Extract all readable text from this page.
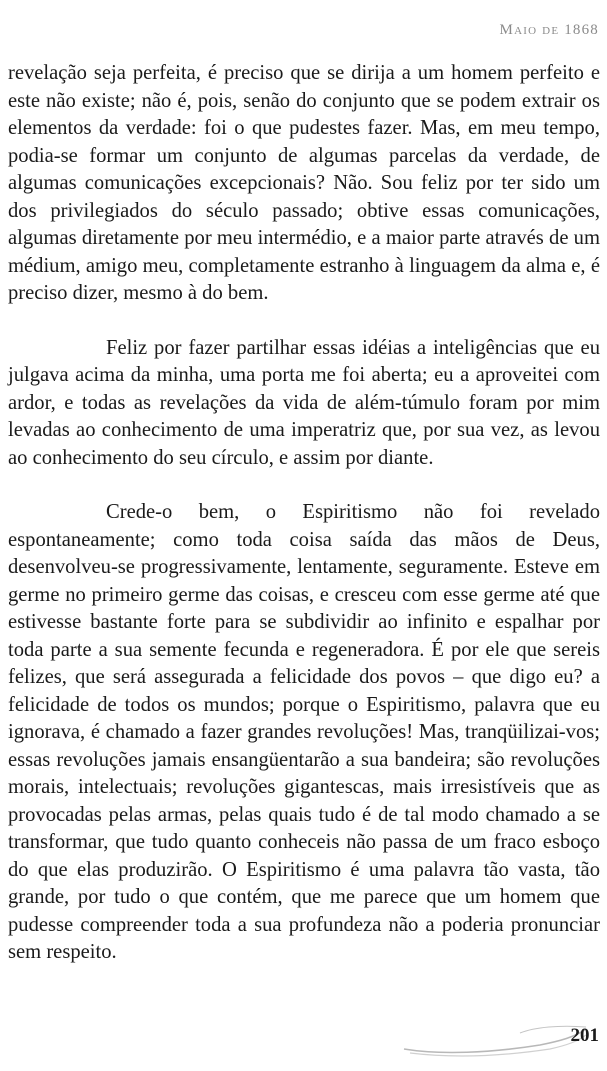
Maio de 1868

revelação seja perfeita, é preciso que se dirija a um homem perfeito e este não existe; não é, pois, senão do conjunto que se podem extrair os elementos da verdade: foi o que pudestes fazer. Mas, em meu tempo, podia-se formar um conjunto de algumas parcelas da verdade, de algumas comunicações excepcionais? Não. Sou feliz por ter sido um dos privilegiados do século passado; obtive essas comunicações, algumas diretamente por meu intermédio, e a maior parte através de um médium, amigo meu, completamente estranho à linguagem da alma e, é preciso dizer, mesmo à do bem.

Feliz por fazer partilhar essas idéias a inteligências que eu julgava acima da minha, uma porta me foi aberta; eu a aproveitei com ardor, e todas as revelações da vida de além-túmulo foram por mim levadas ao conhecimento de uma imperatriz que, por sua vez, as levou ao conhecimento do seu círculo, e assim por diante.

Crede-o bem, o Espiritismo não foi revelado espontaneamente; como toda coisa saída das mãos de Deus, desenvolveu-se progressivamente, lentamente, seguramente. Esteve em germe no primeiro germe das coisas, e cresceu com esse germe até que estivesse bastante forte para se subdividir ao infinito e espalhar por toda parte a sua semente fecunda e regeneradora. É por ele que sereis felizes, que será assegurada a felicidade dos povos – que digo eu? a felicidade de todos os mundos; porque o Espiritismo, palavra que eu ignorava, é chamado a fazer grandes revoluções! Mas, tranqüilizai-vos; essas revoluções jamais ensangüentarão a sua bandeira; são revoluções morais, intelectuais; revoluções gigantescas, mais irresistíveis que as provocadas pelas armas, pelas quais tudo é de tal modo chamado a se transformar, que tudo quanto conheceis não passa de um fraco esboço do que elas produzirão. O Espiritismo é uma palavra tão vasta, tão grande, por tudo o que contém, que me parece que um homem que pudesse compreender toda a sua profundeza não a poderia pronunciar sem respeito.

201
